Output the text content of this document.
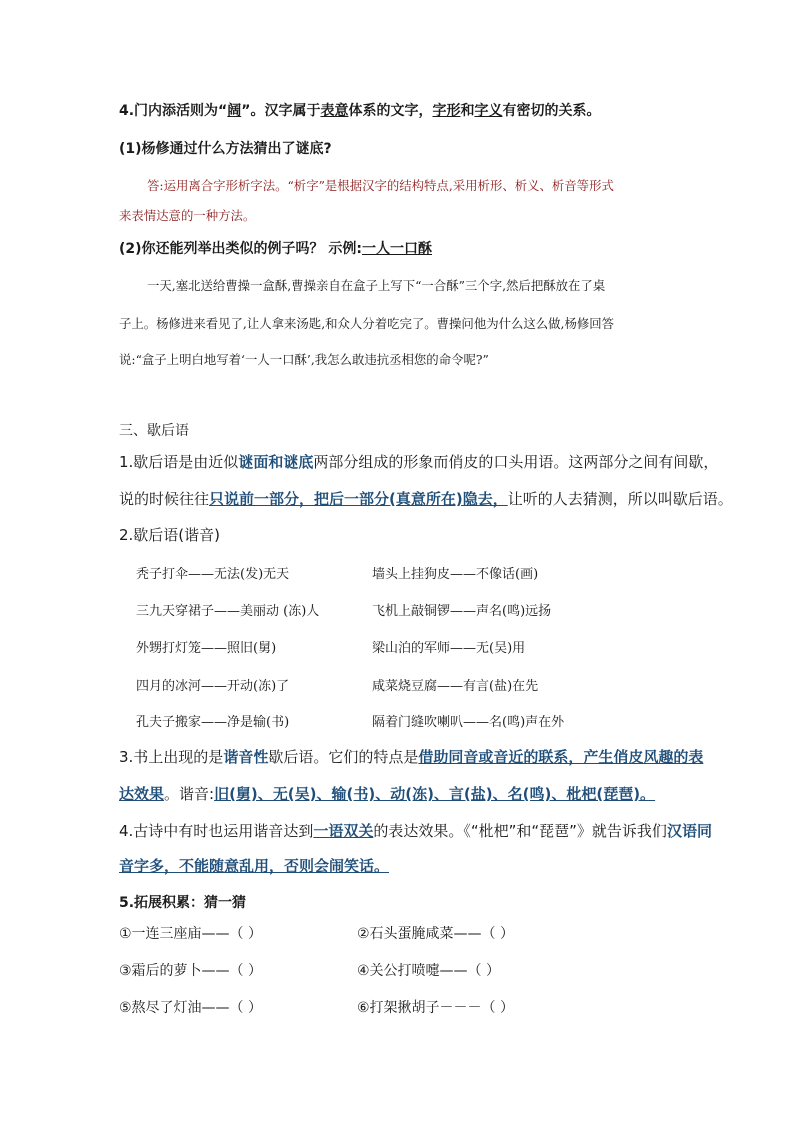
4.门内添活则为“阔”。汉字属于表意体系的文字，字形和字义有密切的关系。
(1)杨修通过什么方法猜出了谜底?
答:运用离合字形析字法。“析字”是根据汉字的结构特点,采用析形、析义、析音等形式
来表情达意的一种方法。
(2)你还能列举出类似的例子吗？ 示例:一人一口酥
一天,塞北送给曹操一盒酥,曹操亲自在盒子上写下“一合酥”三个字,然后把酥放在了桌
子上。杨修进来看见了,让人拿来汤匙,和众人分着吃完了。曹操问他为什么这么做,杨修回答
说:“盒子上明白地写着‘一人一口酥’,我怎么敢违抗丞相您的命令呢?”
三、歇后语
1.歇后语是由近似谜面和谜底两部分组成的形象而俏皮的口头用语。这两部分之间有间歇，
说的时候往往只说前一部分，把后一部分(真意所在)隐去，让听的人去猜测，所以叫歇后语。
2.歇后语(谐音)
秃子打伞——无法(发)无天	墙头上挂狗皮——不像话(画)
三九天穿裙子——美丽动 (冻)人	飞机上敲铜锣——声名(鸣)远扬
外甥打灯笼——照旧(舅)	梁山泊的军师——无(吴)用
四月的冰河——开动(冻)了	咸菜烧豆腐——有言(盐)在先
孔夫子搬家——净是输(书)	隔着门缝吹喇叭——名(鸣)声在外
3.书上出现的是谐音性歇后语。它们的特点是借助同音或音近的联系，产生俏皮风趣的表
达效果。谐音:旧(舅)、无(吴)、输(书)、动(冻)、言(盐)、名(鸣)、枇杷(琵琶)。
4.古诗中有时也运用谐音达到一语双关的表达效果。《“枇杷”和“琵琶”》就告诉我们汉语同
音字多，不能随意乱用，否则会闹笑话。
5.拓展积累：猜一猜
①一连三座庙——（ ）	②石头蛋腌咸菜——（ ）
③霜后的萝卜——（ ）	④关公打喷嚏——（ ）
⑤熬尽了灯油——（ ）	⑥打架揪胡子－－－（ ）
